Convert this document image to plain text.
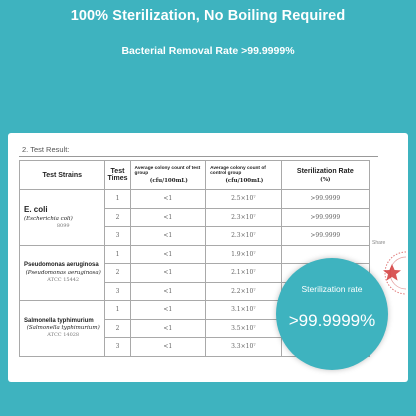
100% Sterilization, No Boiling Required
Bacterial Removal Rate >99.9999%
2. Test Result:
Test Strains	Test Times	Average colony count of test group
(cfu/100mL)	Average colony count of control group
(cfu/100mL)	Sterilization Rate
(%)

E. coli
(Escherichia coli)
8099	1	<1	2.5×10⁷	>99.9999
	2	<1	2.3×10⁷	>99.9999
	3	<1	2.3×10⁷	>99.9999
Pseudomonas aeruginosa
(Pseudomonas aeruginosa)
ATCC 15442	1	<1	1.9×10⁷	
	2	<1	2.1×10⁷	
	3	<1	2.2×10⁷	
Salmonella typhimurium
(Salmonella typhimurium)
ATCC 14028	1	<1	3.1×10⁷	
	2	<1	3.5×10⁷	
	3	<1	3.3×10⁷	
Share
Sterilization rate
>99.9999%
